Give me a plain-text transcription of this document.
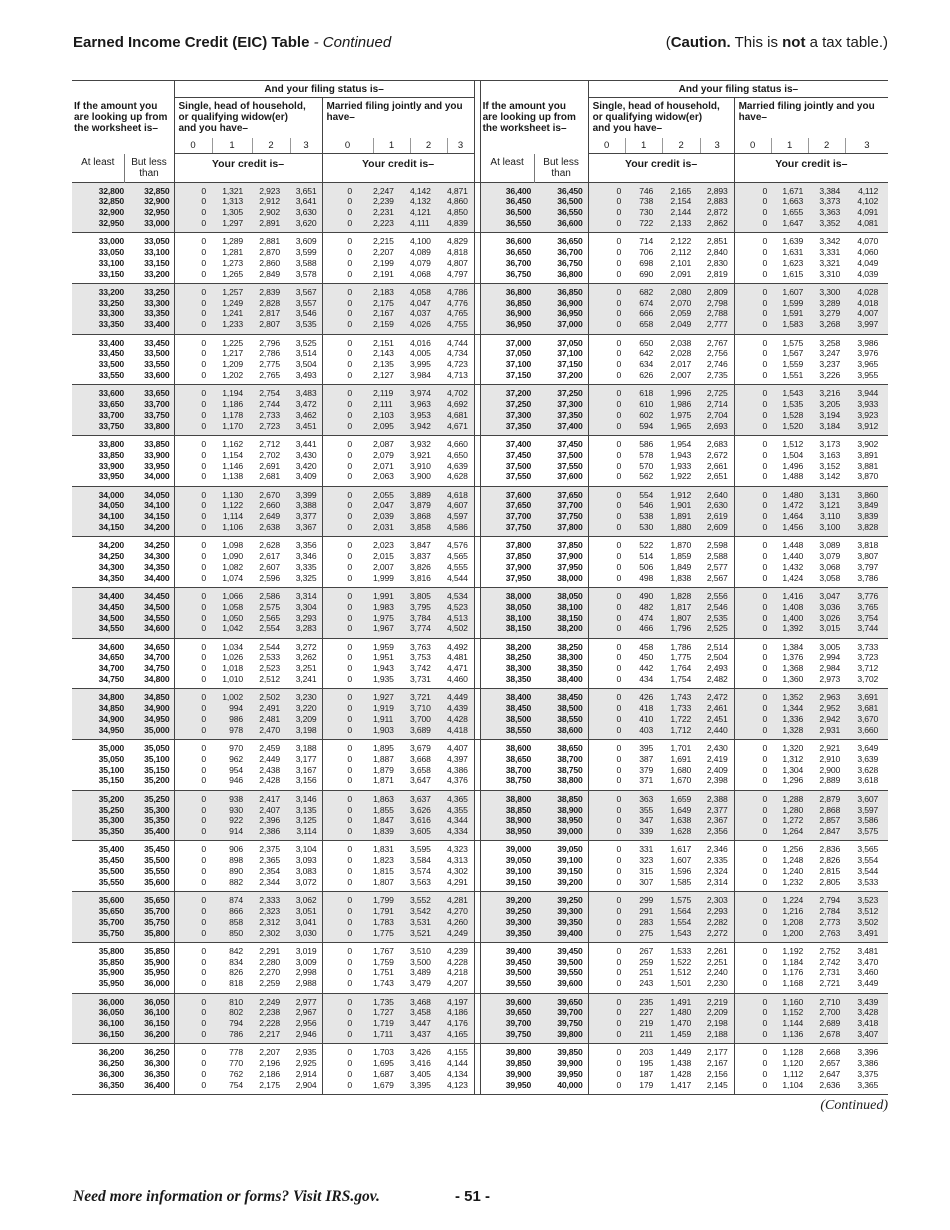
Earned Income Credit (EIC) Table - Continued	(Caution. This is not a tax table.)
If the amount you
are looking up from
the worksheet is–		And your filing status is–									If the amount you
are looking up from
the worksheet is–		And your filing status is–							

		Single, head of household,
or qualifying widow(er)
and you have–				Married filing jointly and you
have–							Single, head of household,
or qualifying widow(er)
and you have–				Married filing jointly and you
have–			

		0	1	2	3	0	1	2	3				0	1	2	3	0	1	2	3
At least	But less than	Your credit is–				Your credit is–					At least	But less than	Your credit is–				Your credit is–			
32,800	32,850	0	1,321	2,923	3,651	0	2,247	4,142	4,871		36,400	36,450	0	746	2,165	2,893	0	1,671	3,384	4,112
32,850	32,900	0	1,313	2,912	3,641	0	2,239	4,132	4,860		36,450	36,500	0	738	2,154	2,883	0	1,663	3,373	4,102
32,900	32,950	0	1,305	2,902	3,630	0	2,231	4,121	4,850		36,500	36,550	0	730	2,144	2,872	0	1,655	3,363	4,091
32,950	33,000	0	1,297	2,891	3,620	0	2,223	4,111	4,839		36,550	36,600	0	722	2,133	2,862	0	1,647	3,352	4,081
33,000	33,050	0	1,289	2,881	3,609	0	2,215	4,100	4,829		36,600	36,650	0	714	2,122	2,851	0	1,639	3,342	4,070
33,050	33,100	0	1,281	2,870	3,599	0	2,207	4,089	4,818		36,650	36,700	0	706	2,112	2,840	0	1,631	3,331	4,060
33,100	33,150	0	1,273	2,860	3,588	0	2,199	4,079	4,807		36,700	36,750	0	698	2,101	2,830	0	1,623	3,321	4,049
33,150	33,200	0	1,265	2,849	3,578	0	2,191	4,068	4,797		36,750	36,800	0	690	2,091	2,819	0	1,615	3,310	4,039
33,200	33,250	0	1,257	2,839	3,567	0	2,183	4,058	4,786		36,800	36,850	0	682	2,080	2,809	0	1,607	3,300	4,028
33,250	33,300	0	1,249	2,828	3,557	0	2,175	4,047	4,776		36,850	36,900	0	674	2,070	2,798	0	1,599	3,289	4,018
33,300	33,350	0	1,241	2,817	3,546	0	2,167	4,037	4,765		36,900	36,950	0	666	2,059	2,788	0	1,591	3,279	4,007
33,350	33,400	0	1,233	2,807	3,535	0	2,159	4,026	4,755		36,950	37,000	0	658	2,049	2,777	0	1,583	3,268	3,997
33,400	33,450	0	1,225	2,796	3,525	0	2,151	4,016	4,744		37,000	37,050	0	650	2,038	2,767	0	1,575	3,258	3,986
33,450	33,500	0	1,217	2,786	3,514	0	2,143	4,005	4,734		37,050	37,100	0	642	2,028	2,756	0	1,567	3,247	3,976
33,500	33,550	0	1,209	2,775	3,504	0	2,135	3,995	4,723		37,100	37,150	0	634	2,017	2,746	0	1,559	3,237	3,965
33,550	33,600	0	1,202	2,765	3,493	0	2,127	3,984	4,713		37,150	37,200	0	626	2,007	2,735	0	1,551	3,226	3,955
33,600	33,650	0	1,194	2,754	3,483	0	2,119	3,974	4,702		37,200	37,250	0	618	1,996	2,725	0	1,543	3,216	3,944
33,650	33,700	0	1,186	2,744	3,472	0	2,111	3,963	4,692		37,250	37,300	0	610	1,986	2,714	0	1,535	3,205	3,933
33,700	33,750	0	1,178	2,733	3,462	0	2,103	3,953	4,681		37,300	37,350	0	602	1,975	2,704	0	1,528	3,194	3,923
33,750	33,800	0	1,170	2,723	3,451	0	2,095	3,942	4,671		37,350	37,400	0	594	1,965	2,693	0	1,520	3,184	3,912
33,800	33,850	0	1,162	2,712	3,441	0	2,087	3,932	4,660		37,400	37,450	0	586	1,954	2,683	0	1,512	3,173	3,902
33,850	33,900	0	1,154	2,702	3,430	0	2,079	3,921	4,650		37,450	37,500	0	578	1,943	2,672	0	1,504	3,163	3,891
33,900	33,950	0	1,146	2,691	3,420	0	2,071	3,910	4,639		37,500	37,550	0	570	1,933	2,661	0	1,496	3,152	3,881
33,950	34,000	0	1,138	2,681	3,409	0	2,063	3,900	4,628		37,550	37,600	0	562	1,922	2,651	0	1,488	3,142	3,870
34,000	34,050	0	1,130	2,670	3,399	0	2,055	3,889	4,618		37,600	37,650	0	554	1,912	2,640	0	1,480	3,131	3,860
34,050	34,100	0	1,122	2,660	3,388	0	2,047	3,879	4,607		37,650	37,700	0	546	1,901	2,630	0	1,472	3,121	3,849
34,100	34,150	0	1,114	2,649	3,377	0	2,039	3,868	4,597		37,700	37,750	0	538	1,891	2,619	0	1,464	3,110	3,839
34,150	34,200	0	1,106	2,638	3,367	0	2,031	3,858	4,586		37,750	37,800	0	530	1,880	2,609	0	1,456	3,100	3,828
34,200	34,250	0	1,098	2,628	3,356	0	2,023	3,847	4,576		37,800	37,850	0	522	1,870	2,598	0	1,448	3,089	3,818
34,250	34,300	0	1,090	2,617	3,346	0	2,015	3,837	4,565		37,850	37,900	0	514	1,859	2,588	0	1,440	3,079	3,807
34,300	34,350	0	1,082	2,607	3,335	0	2,007	3,826	4,555		37,900	37,950	0	506	1,849	2,577	0	1,432	3,068	3,797
34,350	34,400	0	1,074	2,596	3,325	0	1,999	3,816	4,544		37,950	38,000	0	498	1,838	2,567	0	1,424	3,058	3,786
34,400	34,450	0	1,066	2,586	3,314	0	1,991	3,805	4,534		38,000	38,050	0	490	1,828	2,556	0	1,416	3,047	3,776
34,450	34,500	0	1,058	2,575	3,304	0	1,983	3,795	4,523		38,050	38,100	0	482	1,817	2,546	0	1,408	3,036	3,765
34,500	34,550	0	1,050	2,565	3,293	0	1,975	3,784	4,513		38,100	38,150	0	474	1,807	2,535	0	1,400	3,026	3,754
34,550	34,600	0	1,042	2,554	3,283	0	1,967	3,774	4,502		38,150	38,200	0	466	1,796	2,525	0	1,392	3,015	3,744
34,600	34,650	0	1,034	2,544	3,272	0	1,959	3,763	4,492		38,200	38,250	0	458	1,786	2,514	0	1,384	3,005	3,733
34,650	34,700	0	1,026	2,533	3,262	0	1,951	3,753	4,481		38,250	38,300	0	450	1,775	2,504	0	1,376	2,994	3,723
34,700	34,750	0	1,018	2,523	3,251	0	1,943	3,742	4,471		38,300	38,350	0	442	1,764	2,493	0	1,368	2,984	3,712
34,750	34,800	0	1,010	2,512	3,241	0	1,935	3,731	4,460		38,350	38,400	0	434	1,754	2,482	0	1,360	2,973	3,702
34,800	34,850	0	1,002	2,502	3,230	0	1,927	3,721	4,449		38,400	38,450	0	426	1,743	2,472	0	1,352	2,963	3,691
34,850	34,900	0	994	2,491	3,220	0	1,919	3,710	4,439		38,450	38,500	0	418	1,733	2,461	0	1,344	2,952	3,681
34,900	34,950	0	986	2,481	3,209	0	1,911	3,700	4,428		38,500	38,550	0	410	1,722	2,451	0	1,336	2,942	3,670
34,950	35,000	0	978	2,470	3,198	0	1,903	3,689	4,418		38,550	38,600	0	403	1,712	2,440	0	1,328	2,931	3,660
35,000	35,050	0	970	2,459	3,188	0	1,895	3,679	4,407		38,600	38,650	0	395	1,701	2,430	0	1,320	2,921	3,649
35,050	35,100	0	962	2,449	3,177	0	1,887	3,668	4,397		38,650	38,700	0	387	1,691	2,419	0	1,312	2,910	3,639
35,100	35,150	0	954	2,438	3,167	0	1,879	3,658	4,386		38,700	38,750	0	379	1,680	2,409	0	1,304	2,900	3,628
35,150	35,200	0	946	2,428	3,156	0	1,871	3,647	4,376		38,750	38,800	0	371	1,670	2,398	0	1,296	2,889	3,618
35,200	35,250	0	938	2,417	3,146	0	1,863	3,637	4,365		38,800	38,850	0	363	1,659	2,388	0	1,288	2,879	3,607
35,250	35,300	0	930	2,407	3,135	0	1,855	3,626	4,355		38,850	38,900	0	355	1,649	2,377	0	1,280	2,868	3,597
35,300	35,350	0	922	2,396	3,125	0	1,847	3,616	4,344		38,900	38,950	0	347	1,638	2,367	0	1,272	2,857	3,586
35,350	35,400	0	914	2,386	3,114	0	1,839	3,605	4,334		38,950	39,000	0	339	1,628	2,356	0	1,264	2,847	3,575
35,400	35,450	0	906	2,375	3,104	0	1,831	3,595	4,323		39,000	39,050	0	331	1,617	2,346	0	1,256	2,836	3,565
35,450	35,500	0	898	2,365	3,093	0	1,823	3,584	4,313		39,050	39,100	0	323	1,607	2,335	0	1,248	2,826	3,554
35,500	35,550	0	890	2,354	3,083	0	1,815	3,574	4,302		39,100	39,150	0	315	1,596	2,324	0	1,240	2,815	3,544
35,550	35,600	0	882	2,344	3,072	0	1,807	3,563	4,291		39,150	39,200	0	307	1,585	2,314	0	1,232	2,805	3,533
35,600	35,650	0	874	2,333	3,062	0	1,799	3,552	4,281		39,200	39,250	0	299	1,575	2,303	0	1,224	2,794	3,523
35,650	35,700	0	866	2,323	3,051	0	1,791	3,542	4,270		39,250	39,300	0	291	1,564	2,293	0	1,216	2,784	3,512
35,700	35,750	0	858	2,312	3,041	0	1,783	3,531	4,260		39,300	39,350	0	283	1,554	2,282	0	1,208	2,773	3,502
35,750	35,800	0	850	2,302	3,030	0	1,775	3,521	4,249		39,350	39,400	0	275	1,543	2,272	0	1,200	2,763	3,491
35,800	35,850	0	842	2,291	3,019	0	1,767	3,510	4,239		39,400	39,450	0	267	1,533	2,261	0	1,192	2,752	3,481
35,850	35,900	0	834	2,280	3,009	0	1,759	3,500	4,228		39,450	39,500	0	259	1,522	2,251	0	1,184	2,742	3,470
35,900	35,950	0	826	2,270	2,998	0	1,751	3,489	4,218		39,500	39,550	0	251	1,512	2,240	0	1,176	2,731	3,460
35,950	36,000	0	818	2,259	2,988	0	1,743	3,479	4,207		39,550	39,600	0	243	1,501	2,230	0	1,168	2,721	3,449
36,000	36,050	0	810	2,249	2,977	0	1,735	3,468	4,197		39,600	39,650	0	235	1,491	2,219	0	1,160	2,710	3,439
36,050	36,100	0	802	2,238	2,967	0	1,727	3,458	4,186		39,650	39,700	0	227	1,480	2,209	0	1,152	2,700	3,428
36,100	36,150	0	794	2,228	2,956	0	1,719	3,447	4,176		39,700	39,750	0	219	1,470	2,198	0	1,144	2,689	3,418
36,150	36,200	0	786	2,217	2,946	0	1,711	3,437	4,165		39,750	39,800	0	211	1,459	2,188	0	1,136	2,678	3,407
36,200	36,250	0	778	2,207	2,935	0	1,703	3,426	4,155		39,800	39,850	0	203	1,449	2,177	0	1,128	2,668	3,396
36,250	36,300	0	770	2,196	2,925	0	1,695	3,416	4,144		39,850	39,900	0	195	1,438	2,167	0	1,120	2,657	3,386
36,300	36,350	0	762	2,186	2,914	0	1,687	3,405	4,134		39,900	39,950	0	187	1,428	2,156	0	1,112	2,647	3,375
36,350	36,400	0	754	2,175	2,904	0	1,679	3,395	4,123		39,950	40,000	0	179	1,417	2,145	0	1,104	2,636	3,365
(Continued)
Need more information or forms? Visit IRS.gov.	- 51 -
